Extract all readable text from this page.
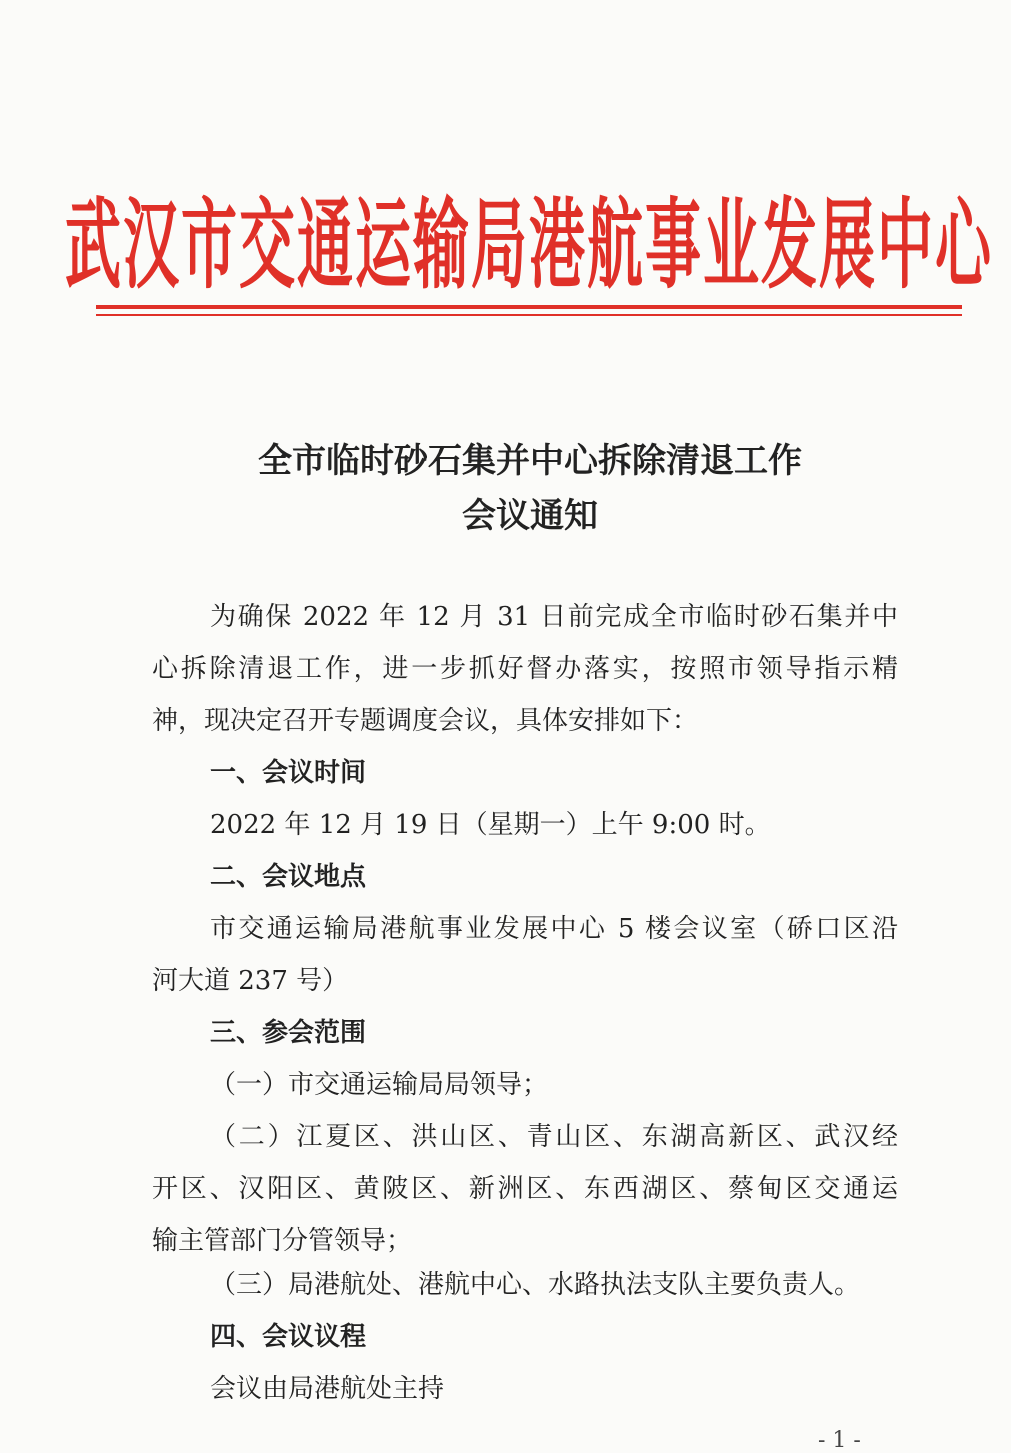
武汉市交通运输局港航事业发展中心
全市临时砂石集并中心拆除清退工作
会议通知
为确保 2022 年 12 月 31 日前完成全市临时砂石集并中
心拆除清退工作，进一步抓好督办落实，按照市领导指示精
神，现决定召开专题调度会议，具体安排如下：
一、会议时间
2022 年 12 月 19 日（星期一）上午 9:00 时。
二、会议地点
市交通运输局港航事业发展中心 5 楼会议室（硚口区沿
河大道 237 号）
三、参会范围
（一）市交通运输局局领导；
（二）江夏区、洪山区、青山区、东湖高新区、武汉经
开区、汉阳区、黄陂区、新洲区、东西湖区、蔡甸区交通运
输主管部门分管领导；
（三）局港航处、港航中心、水路执法支队主要负责人。
四、会议议程
会议由局港航处主持
- 1 -
